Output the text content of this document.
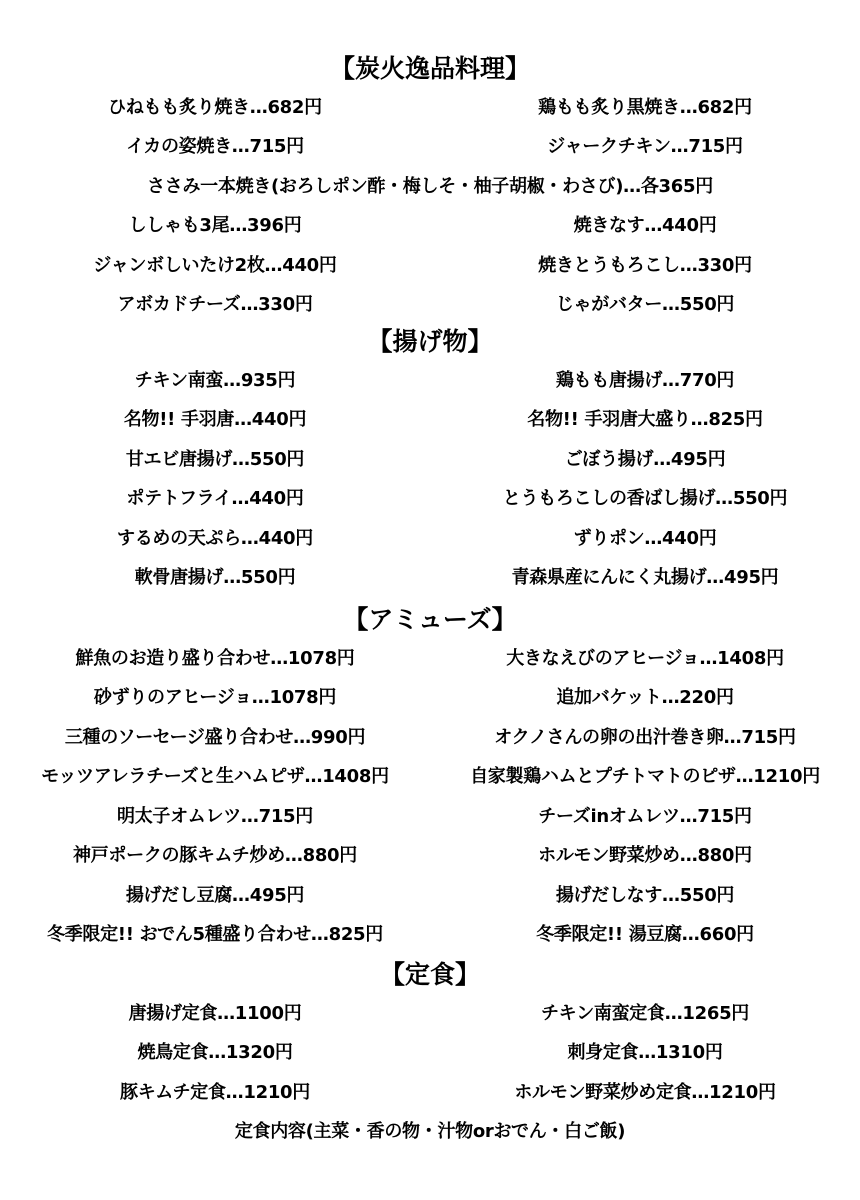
【炭火逸品料理】
ひねもも炙り焼き…682円	鶏もも炙り黒焼き…682円
イカの姿焼き…715円	ジャークチキン…715円
ささみ一本焼き(おろしポン酢・梅しそ・柚子胡椒・わさび)…各365円
ししゃも3尾…396円	焼きなす…440円
ジャンボしいたけ2枚…440円	焼きとうもろこし…330円
アボカドチーズ…330円	じゃがバター…550円
【揚げ物】
チキン南蛮…935円	鶏もも唐揚げ…770円
名物!! 手羽唐…440円	名物!! 手羽唐大盛り…825円
甘エビ唐揚げ…550円	ごぼう揚げ…495円
ポテトフライ…440円	とうもろこしの香ばし揚げ…550円
するめの天ぷら…440円	ずりポン…440円
軟骨唐揚げ…550円	青森県産にんにく丸揚げ…495円
【アミューズ】
鮮魚のお造り盛り合わせ…1078円	大きなえびのアヒージョ…1408円
砂ずりのアヒージョ…1078円	追加バケット…220円
三種のソーセージ盛り合わせ…990円	オクノさんの卵の出汁巻き卵…715円
モッツアレラチーズと生ハムピザ…1408円	自家製鶏ハムとプチトマトのピザ…1210円
明太子オムレツ…715円	チーズinオムレツ…715円
神戸ポークの豚キムチ炒め…880円	ホルモン野菜炒め…880円
揚げだし豆腐…495円	揚げだしなす…550円
冬季限定!! おでん5種盛り合わせ…825円	冬季限定!! 湯豆腐…660円
【定食】
唐揚げ定食…1100円	チキン南蛮定食…1265円
焼鳥定食…1320円	刺身定食…1310円
豚キムチ定食…1210円	ホルモン野菜炒め定食…1210円
定食内容(主菜・香の物・汁物orおでん・白ご飯)
